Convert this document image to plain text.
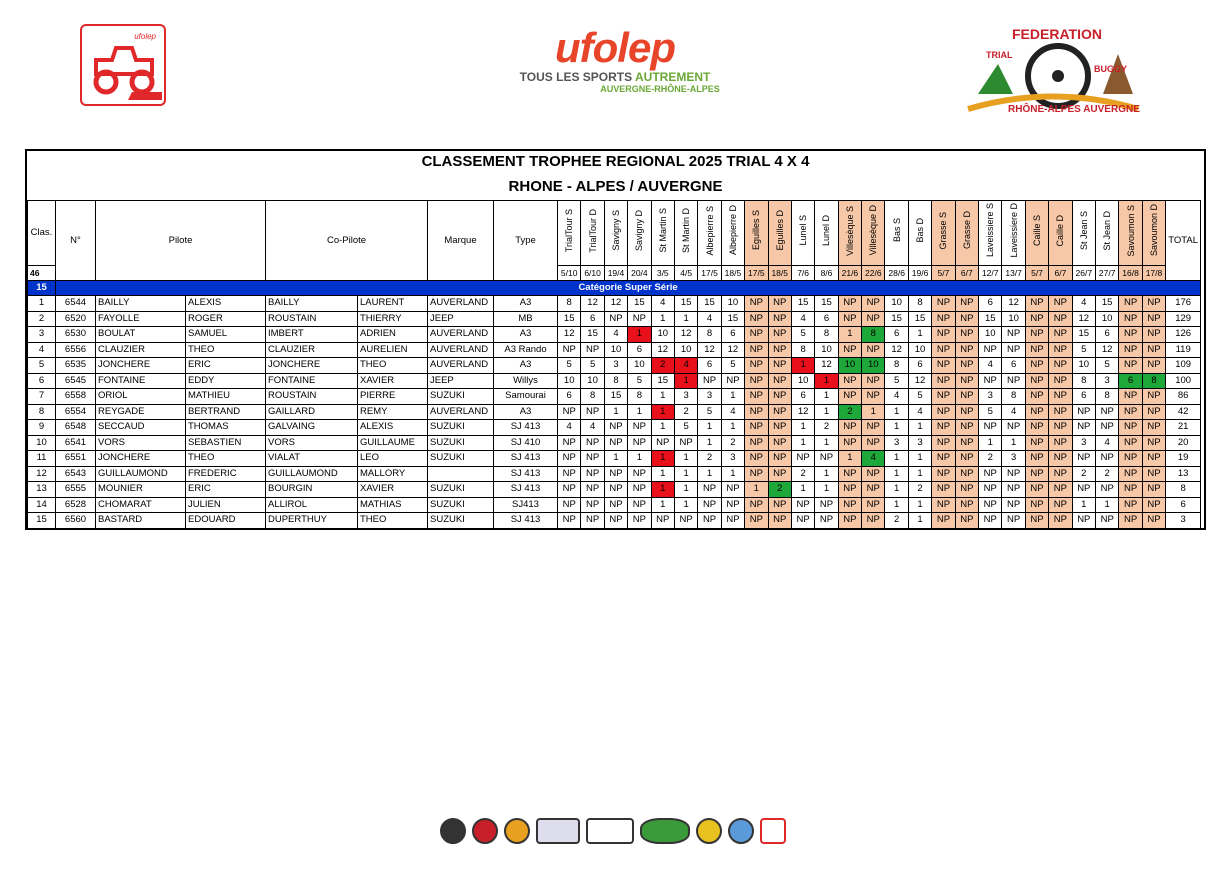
ufolep	ufolep
TOUS LES SPORTS AUTREMENT
AUVERGNE-RHÔNE-ALPES
FEDERATION
TRIAL
BUGGY
RHÔNE-ALPES AUVERGNE
CLASSEMENT TROPHEE REGIONAL 2025 TRIAL 4 X 4
RHONE - ALPES / AUVERGNE
Clas.	N°	Pilote		Co-Pilote		Marque	Type	TrialTour S	TrialTour D	Savigny S	Savigny D	St Martin S	St Martin D	Albepierre S	Albepierre D	Eguilles S	Eguilles D	Lunel S	Lunel D	Villesèque S	Villesèque D	Bas S	Bas D	Grasse S	Grasse D	Laveissiere S	Laveissiere D	Caille S	Caille D	St Jean S	St Jean D	Savoumon S	Savoumon D	TOTAL
46								5/10	6/10	19/4	20/4	3/5	4/5	17/5	18/5	17/5	18/5	7/6	8/6	21/6	22/6	28/6	19/6	5/7	6/7	12/7	13/7	5/7	6/7	26/7	27/7	16/8	17/8	
15	Catégorie Super Série																																	
1	6544	BAILLY	ALEXIS	BAILLY	LAURENT	AUVERLAND	A3	8	12	12	15	4	15	15	10	NP	NP	15	15	NP	NP	10	8	NP	NP	6	12	NP	NP	4	15	NP	NP	176
2	6520	FAYOLLE	ROGER	ROUSTAIN	THIERRY	JEEP	MB	15	6	NP	NP	1	1	4	15	NP	NP	4	6	NP	NP	15	15	NP	NP	15	10	NP	NP	12	10	NP	NP	129
3	6530	BOULAT	SAMUEL	IMBERT	ADRIEN	AUVERLAND	A3	12	15	4	1	10	12	8	6	NP	NP	5	8	1	8	6	1	NP	NP	10	NP	NP	NP	15	6	NP	NP	126
4	6556	CLAUZIER	THEO	CLAUZIER	AURELIEN	AUVERLAND	A3 Rando	NP	NP	10	6	12	10	12	12	NP	NP	8	10	NP	NP	12	10	NP	NP	NP	NP	NP	NP	5	12	NP	NP	119
5	6535	JONCHERE	ERIC	JONCHERE	THEO	AUVERLAND	A3	5	5	3	10	2	4	6	5	NP	NP	1	12	10	10	8	6	NP	NP	4	6	NP	NP	10	5	NP	NP	109
6	6545	FONTAINE	EDDY	FONTAINE	XAVIER	JEEP	Willys	10	10	8	5	15	1	NP	NP	NP	NP	10	1	NP	NP	5	12	NP	NP	NP	NP	NP	NP	8	3	6	8	100
7	6558	ORIOL	MATHIEU	ROUSTAIN	PIERRE	SUZUKI	Samourai	6	8	15	8	1	3	3	1	NP	NP	6	1	NP	NP	4	5	NP	NP	3	8	NP	NP	6	8	NP	NP	86
8	6554	REYGADE	BERTRAND	GAILLARD	REMY	AUVERLAND	A3	NP	NP	1	1	1	2	5	4	NP	NP	12	1	2	1	1	4	NP	NP	5	4	NP	NP	NP	NP	NP	NP	42
9	6548	SECCAUD	THOMAS	GALVAING	ALEXIS	SUZUKI	SJ 413	4	4	NP	NP	1	5	1	1	NP	NP	1	2	NP	NP	1	1	NP	NP	NP	NP	NP	NP	NP	NP	NP	NP	21
10	6541	VORS	SEBASTIEN	VORS	GUILLAUME	SUZUKI	SJ 410	NP	NP	NP	NP	NP	NP	1	2	NP	NP	1	1	NP	NP	3	3	NP	NP	1	1	NP	NP	3	4	NP	NP	20
11	6551	JONCHERE	THEO	VIALAT	LEO	SUZUKI	SJ 413	NP	NP	1	1	1	1	2	3	NP	NP	NP	NP	1	4	1	1	NP	NP	2	3	NP	NP	NP	NP	NP	NP	19
12	6543	GUILLAUMOND	FREDERIC	GUILLAUMOND	MALLORY		SJ 413	NP	NP	NP	NP	1	1	1	1	NP	NP	2	1	NP	NP	1	1	NP	NP	NP	NP	NP	NP	2	2	NP	NP	13
13	6555	MOUNIER	ERIC	BOURGIN	XAVIER	SUZUKI	SJ 413	NP	NP	NP	NP	1	1	NP	NP	1	2	1	1	NP	NP	1	2	NP	NP	NP	NP	NP	NP	NP	NP	NP	NP	8
14	6528	CHOMARAT	JULIEN	ALLIROL	MATHIAS	SUZUKI	SJ413	NP	NP	NP	NP	1	1	NP	NP	NP	NP	NP	NP	NP	NP	1	1	NP	NP	NP	NP	NP	NP	1	1	NP	NP	6
15	6560	BASTARD	EDOUARD	DUPERTHUY	THEO	SUZUKI	SJ 413	NP	NP	NP	NP	NP	NP	NP	NP	NP	NP	NP	NP	NP	NP	2	1	NP	NP	NP	NP	NP	NP	NP	NP	NP	NP	3
